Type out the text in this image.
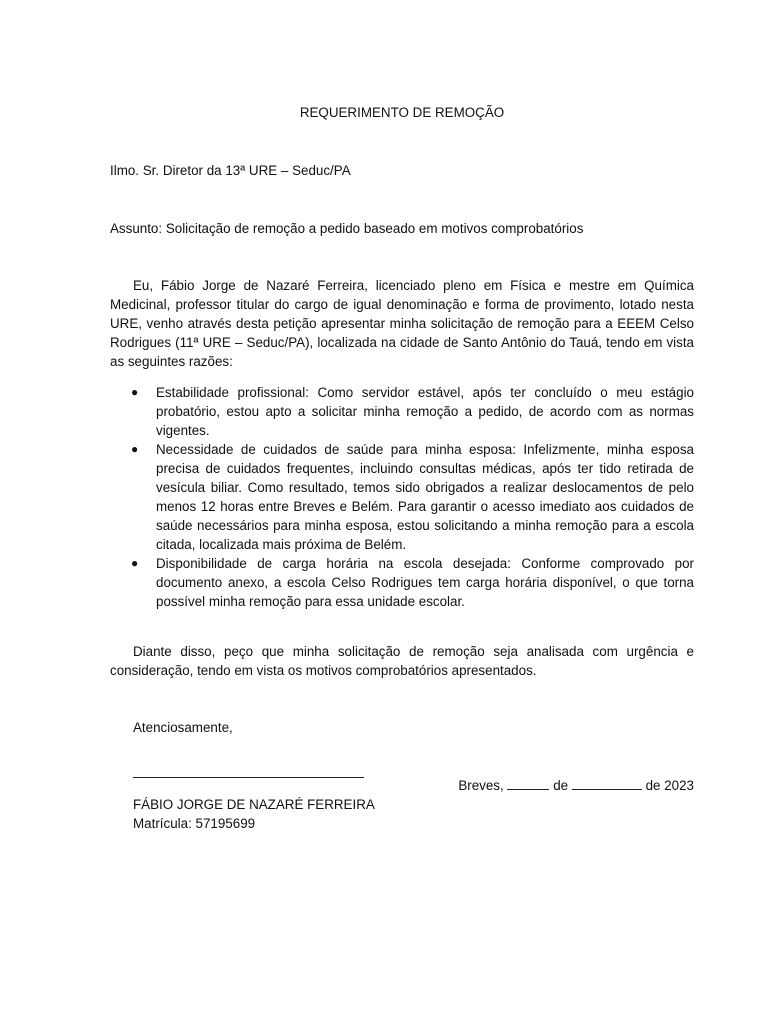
REQUERIMENTO DE REMOÇÃO
Ilmo. Sr. Diretor da 13ª URE – Seduc/PA
Assunto: Solicitação de remoção a pedido baseado em motivos comprobatórios

Eu, Fábio Jorge de Nazaré Ferreira, licenciado pleno em Física e mestre em Química Medicinal, professor titular do cargo de igual denominação e forma de provimento, lotado nesta URE, venho através desta petição apresentar minha solicitação de remoção para a EEEM Celso Rodrigues (11ª URE – Seduc/PA), localizada na cidade de Santo Antônio do Tauá, tendo em vista as seguintes razões:

● Estabilidade profissional: Como servidor estável, após ter concluído o meu estágio probatório, estou apto a solicitar minha remoção a pedido, de acordo com as normas vigentes.
● Necessidade de cuidados de saúde para minha esposa: Infelizmente, minha esposa precisa de cuidados frequentes, incluindo consultas médicas, após ter tido retirada de vesícula biliar. Como resultado, temos sido obrigados a realizar deslocamentos de pelo menos 12 horas entre Breves e Belém. Para garantir o acesso imediato aos cuidados de saúde necessários para minha esposa, estou solicitando a minha remoção para a escola citada, localizada mais próxima de Belém.
● Disponibilidade de carga horária na escola desejada: Conforme comprovado por documento anexo, a escola Celso Rodrigues tem carga horária disponível, o que torna possível minha remoção para essa unidade escolar.

Diante disso, peço que minha solicitação de remoção seja analisada com urgência e consideração, tendo em vista os motivos comprobatórios apresentados.

Atenciosamente,
Breves,	de	de 2023
FÁBIO JORGE DE NAZARÉ FERREIRA
Matrícula: 57195699
